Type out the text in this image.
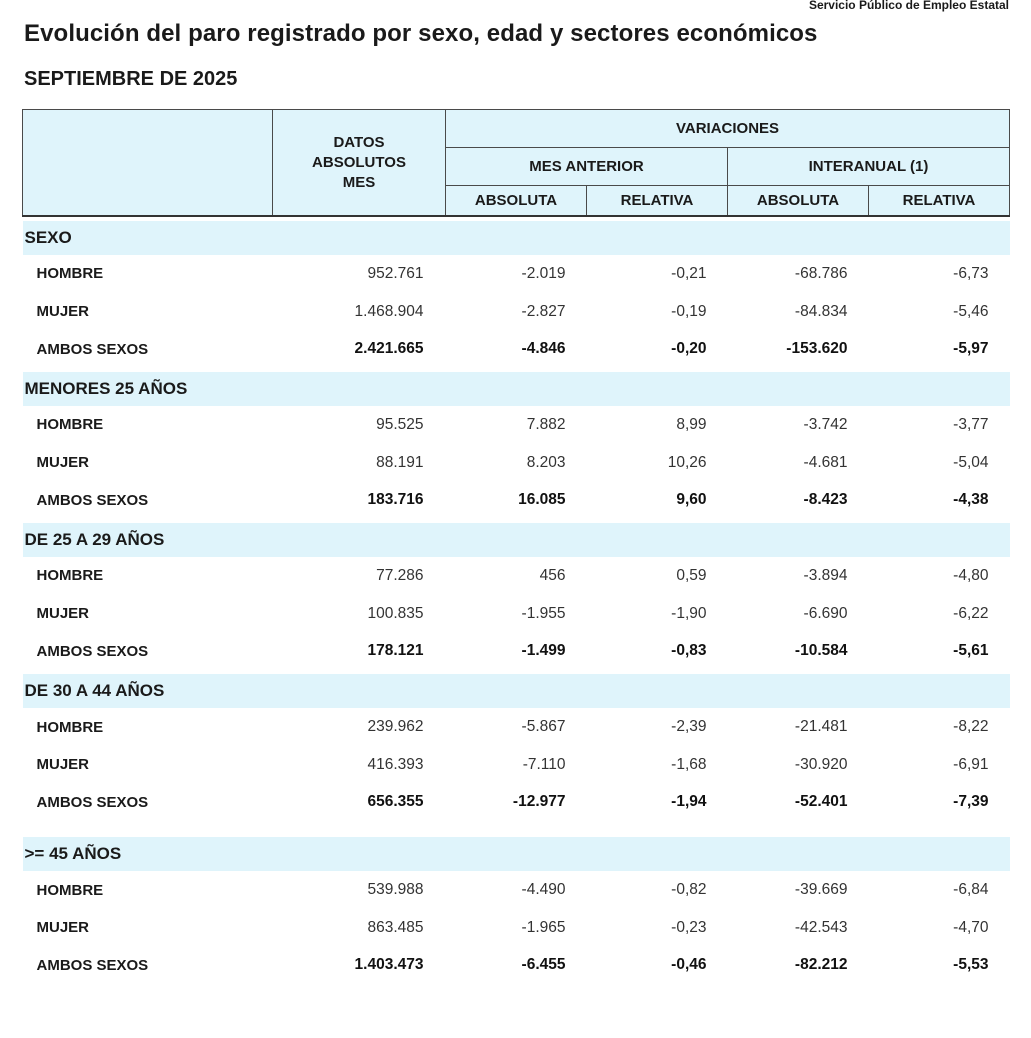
Servicio Público de Empleo Estatal
Evolución del paro registrado por sexo, edad y sectores económicos
SEPTIEMBRE DE 2025

	DATOS
ABSOLUTOS
MES	VARIACIONES			
		MES ANTERIOR		INTERANUAL (1)	
		ABSOLUTA	RELATIVA	ABSOLUTA	RELATIVA

SEXO					
HOMBRE	952.761	-2.019	-0,21	-68.786	-6,73
MUJER	1.468.904	-2.827	-0,19	-84.834	-5,46
AMBOS SEXOS	2.421.665	-4.846	-0,20	-153.620	-5,97

MENORES 25 AÑOS					
HOMBRE	95.525	7.882	8,99	-3.742	-3,77
MUJER	88.191	8.203	10,26	-4.681	-5,04
AMBOS SEXOS	183.716	16.085	9,60	-8.423	-4,38

DE 25 A 29 AÑOS					
HOMBRE	77.286	456	0,59	-3.894	-4,80
MUJER	100.835	-1.955	-1,90	-6.690	-6,22
AMBOS SEXOS	178.121	-1.499	-0,83	-10.584	-5,61

DE 30 A 44 AÑOS					
HOMBRE	239.962	-5.867	-2,39	-21.481	-8,22
MUJER	416.393	-7.110	-1,68	-30.920	-6,91
AMBOS SEXOS	656.355	-12.977	-1,94	-52.401	-7,39

>= 45 AÑOS					
HOMBRE	539.988	-4.490	-0,82	-39.669	-6,84
MUJER	863.485	-1.965	-0,23	-42.543	-4,70
AMBOS SEXOS	1.403.473	-6.455	-0,46	-82.212	-5,53
